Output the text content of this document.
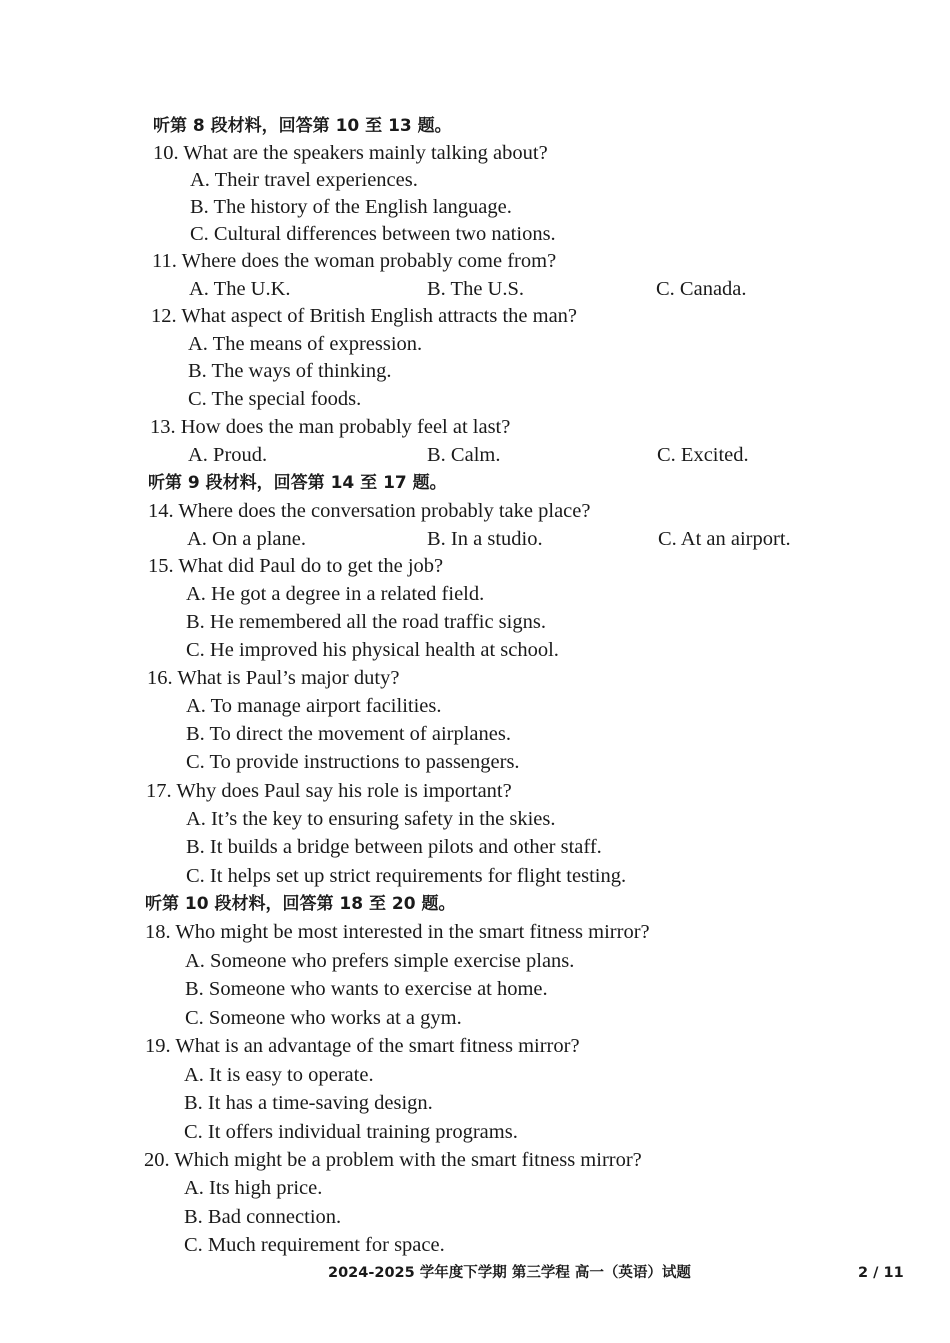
听第 8 段材料，回答第 10 至 13 题。
10. What are the speakers mainly talking about?
A. Their travel experiences.
B. The history of the English language.
C. Cultural differences between two nations.
11. Where does the woman probably come from?
A. The U.K.	B. The U.S.	C. Canada.
12. What aspect of British English attracts the man?
A. The means of expression.
B. The ways of thinking.
C. The special foods.
13. How does the man probably feel at last?
A. Proud.	B. Calm.	C. Excited.
听第 9 段材料，回答第 14 至 17 题。
14. Where does the conversation probably take place?
A. On a plane.	B. In a studio.	C. At an airport.
15. What did Paul do to get the job?
A. He got a degree in a related field.
B. He remembered all the road traffic signs.
C. He improved his physical health at school.
16. What is Paul’s major duty?
A. To manage airport facilities.
B. To direct the movement of airplanes.
C. To provide instructions to passengers.
17. Why does Paul say his role is important?
A. It’s the key to ensuring safety in the skies.
B. It builds a bridge between pilots and other staff.
C. It helps set up strict requirements for flight testing.
听第 10 段材料，回答第 18 至 20 题。
18. Who might be most interested in the smart fitness mirror?
A. Someone who prefers simple exercise plans.
B. Someone who wants to exercise at home.
C. Someone who works at a gym.
19. What is an advantage of the smart fitness mirror?
A. It is easy to operate.
B. It has a time-saving design.
C. It offers individual training programs.
20. Which might be a problem with the smart fitness mirror?
A. Its high price.
B. Bad connection.
C. Much requirement for space.
2024-2025 学年度下学期 第三学程 高一（英语）试题	2 / 11
